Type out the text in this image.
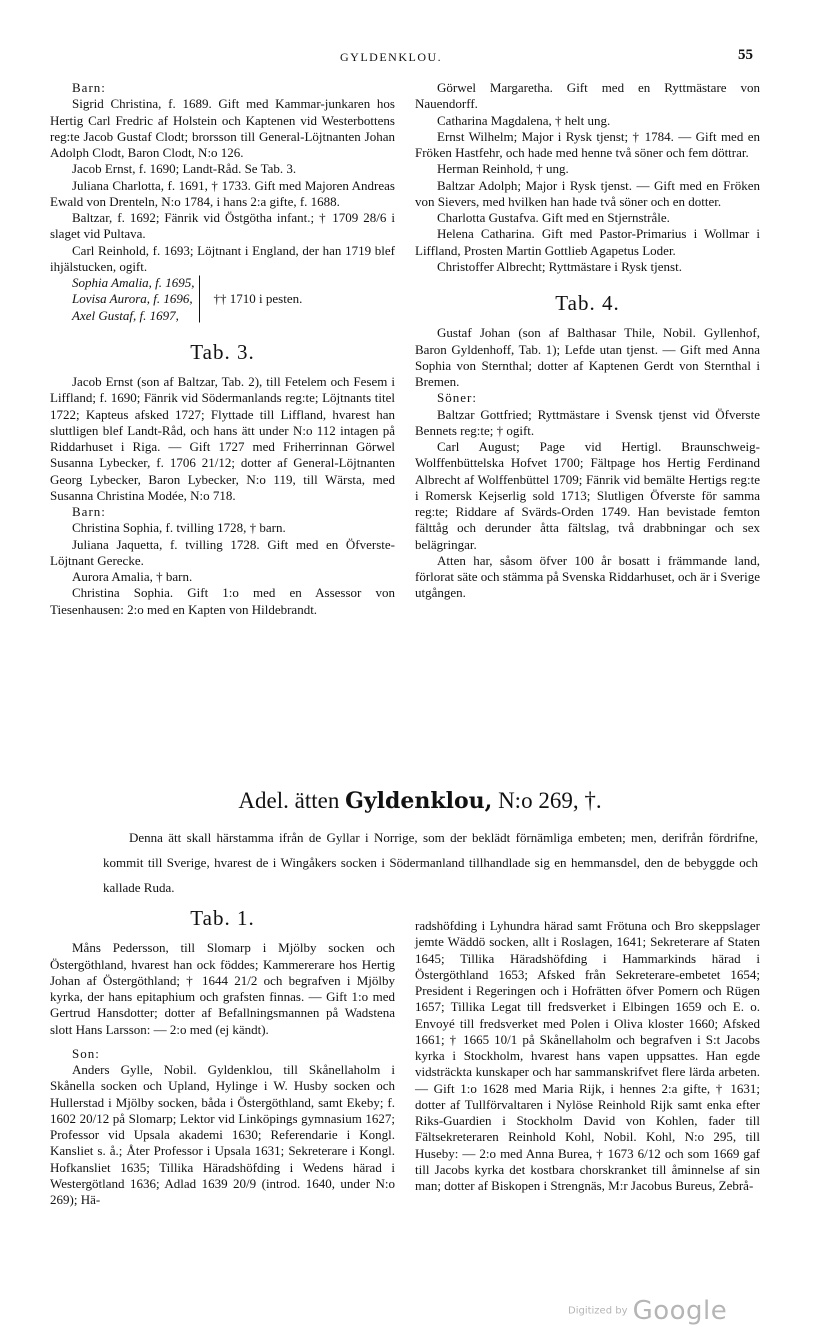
GYLDENKLOU.	55

Barn:

Sigrid Christina, f. 1689. Gift med Kammar-junkaren hos Hertig Carl Fredric af Holstein och Kaptenen vid Westerbottens reg:te Jacob Gustaf Clodt; brorsson till General-Löjtnanten Johan Adolph Clodt, Baron Clodt, N:o 126.

Jacob Ernst, f. 1690; Landt-Råd. Se Tab. 3.

Juliana Charlotta, f. 1691, † 1733. Gift med Majoren Andreas Ewald von Drenteln, N:o 1784, i hans 2:a gifte, f. 1688.

Baltzar, f. 1692; Fänrik vid Östgötha infant.; † 1709 28/6 i slaget vid Pultava.

Carl Reinhold, f. 1693; Löjtnant i England, der han 1719 blef ihjälstucken, ogift.

Sophia Amalia, f. 1695,
Lovisa Aurora, f. 1696,
Axel Gustaf, f. 1697,
†† 1710 i pesten.
Tab. 3.

Jacob Ernst (son af Baltzar, Tab. 2), till Fetelem och Fesem i Liffland; f. 1690; Fänrik vid Södermanlands reg:te; Löjtnants titel 1722; Kapteus afsked 1727; Flyttade till Liffland, hvarest han sluttligen blef Landt-Råd, och hans ätt under N:o 112 intagen på Riddarhuset i Riga. — Gift 1727 med Friherrinnan Görwel Susanna Lybecker, f. 1706 21/12; dotter af General-Löjtnanten Georg Lybecker, Baron Lybecker, N:o 119, till Wärsta, med Susanna Christina Modée, N:o 718.

Barn:

Christina Sophia, f. tvilling 1728, † barn.

Juliana Jaquetta, f. tvilling 1728. Gift med en Öfverste-Löjtnant Gerecke.

Aurora Amalia, † barn.

Christina Sophia. Gift 1:o med en Assessor von Tiesenhausen: 2:o med en Kapten von Hildebrandt.

Görwel Margaretha. Gift med en Ryttmästare von Nauendorff.

Catharina Magdalena, † helt ung.

Ernst Wilhelm; Major i Rysk tjenst; † 1784. — Gift med en Fröken Hastfehr, och hade med henne två söner och fem döttrar.

Herman Reinhold, † ung.

Baltzar Adolph; Major i Rysk tjenst. — Gift med en Fröken von Sievers, med hvilken han hade två söner och en dotter.

Charlotta Gustafva. Gift med en Stjernstråle.

Helena Catharina. Gift med Pastor-Primarius i Wollmar i Liffland, Prosten Martin Gottlieb Agapetus Loder.

Christoffer Albrecht; Ryttmästare i Rysk tjenst.

Tab. 4.

Gustaf Johan (son af Balthasar Thile, Nobil. Gyllenhof, Baron Gyldenhoff, Tab. 1); Lefde utan tjenst. — Gift med Anna Sophia von Sternthal; dotter af Kaptenen Gerdt von Sternthal i Bremen.

Söner:

Baltzar Gottfried; Ryttmästare i Svensk tjenst vid Öfverste Bennets reg:te; † ogift.

Carl August; Page vid Hertigl. Braunschweig-Wolffenbüttelska Hofvet 1700; Fältpage hos Hertig Ferdinand Albrecht af Wolffenbüttel 1709; Fänrik vid bemälte Hertigs reg:te i Romersk Kejserlig sold 1713; Slutligen Öfverste för samma reg:te; Riddare af Svärds-Orden 1749. Han bevistade femton fälttåg och derunder åtta fältslag, två drabbningar och sex belägringar.

Atten har, såsom öfver 100 år bosatt i främmande land, förlorat säte och stämma på Svenska Riddarhuset, och är i Sverige utgången.

Adel. ätten Gyldenklou, N:o 269, †.
Denna ätt skall härstamma ifrån de Gyllar i Norrige, som der beklädt förnämliga embeten; men, derifrån fördrifne, kommit till Sverige, hvarest de i Wingåkers socken i Södermanland tillhandlade sig en hemmansdel, den de bebyggde och kallade Ruda.
Tab. 1.

Måns Pedersson, till Slomarp i Mjölby socken och Östergöthland, hvarest han ock föddes; Kammererare hos Hertig Johan af Östergöthland; † 1644 21/2 och begrafven i Mjölby kyrka, der hans epitaphium och grafsten finnas. — Gift 1:o med Gertrud Hansdotter; dotter af Befallningsmannen på Wadstena slott Hans Larsson: — 2:o med (ej kändt).

Son:

Anders Gylle, Nobil. Gyldenklou, till Skånellaholm i Skånella socken och Upland, Hylinge i W. Husby socken och Hullerstad i Mjölby socken, båda i Östergöthland, samt Ekeby; f. 1602 20/12 på Slomarp; Lektor vid Linköpings gymnasium 1627; Professor vid Upsala akademi 1630; Referendarie i Kongl. Kansliet s. å.; Åter Professor i Upsala 1631; Sekreterare i Kongl. Hofkansliet 1635; Tillika Häradshöfding i Wedens härad i Westergötland 1636; Adlad 1639 20/9 (introd. 1640, under N:o 269); Hä-

radshöfding i Lyhundra härad samt Frötuna och Bro skeppslager jemte Wäddö socken, allt i Roslagen, 1641; Sekreterare af Staten 1645; Tillika Häradshöfding i Hammarkinds härad i Östergöthland 1653; Afsked från Sekreterare-embetet 1654; President i Regeringen och i Hofrätten öfver Pomern och Rügen 1657; Tillika Legat till fredsverket i Elbingen 1659 och E. o. Envoyé till fredsverket med Polen i Oliva kloster 1660; Afsked 1661; † 1665 10/1 på Skånellaholm och begrafven i S:t Jacobs kyrka i Stockholm, hvarest hans vapen uppsattes. Han egde vidsträckta kunskaper och har sammanskrifvet flere lärda arbeten. — Gift 1:o 1628 med Maria Rijk, i hennes 2:a gifte, † 1631; dotter af Tullförvaltaren i Nylöse Reinhold Rijk samt enka efter Riks-Guardien i Stockholm David von Kohlen, fader till Fältsekreteraren Reinhold Kohl, Nobil. Kohl, N:o 295, till Huseby: — 2:o med Anna Burea, † 1673 6/12 och som 1669 gaf till Jacobs kyrka det kostbara chorskranket till åminnelse af sin man; dotter af Biskopen i Strengnäs, M:r Jacobus Bureus, Zebrå-

Digitized by Google
